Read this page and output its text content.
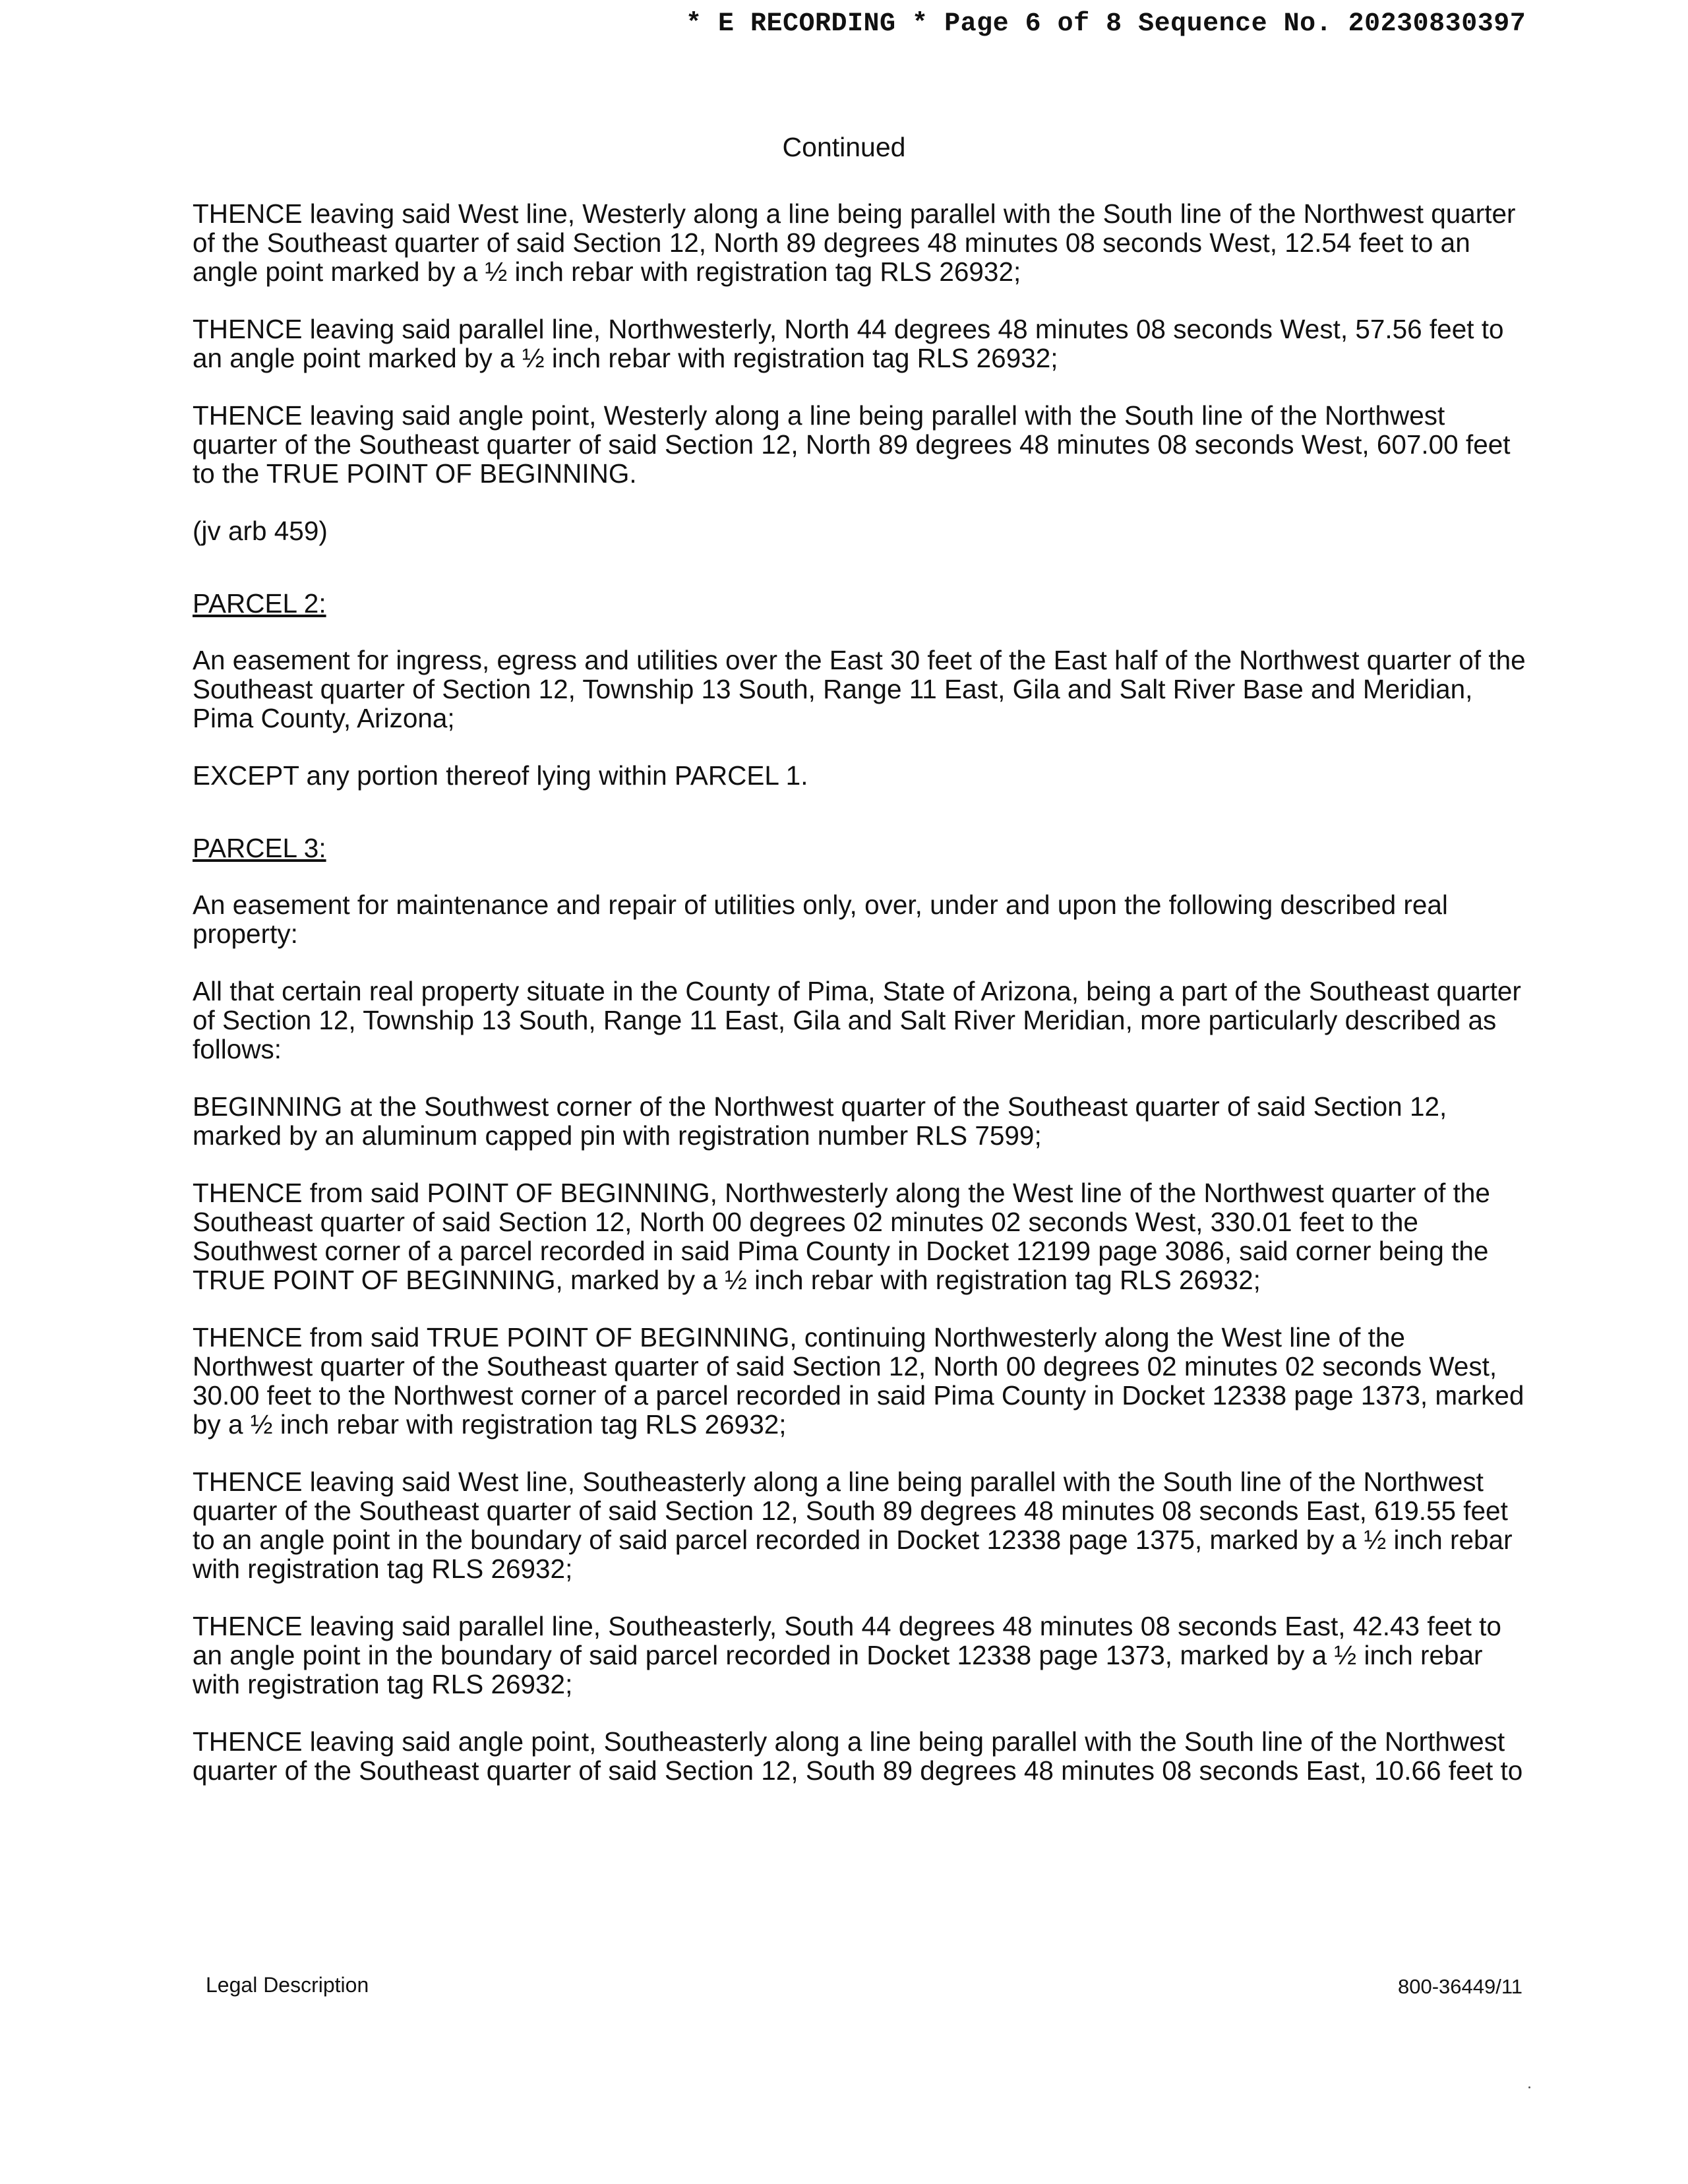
* E RECORDING * Page 6 of 8 Sequence No. 20230830397
Continued

THENCE leaving said West line, Westerly along a line being parallel with the South line of the Northwest quarter of the Southeast quarter of said Section 12, North 89 degrees 48 minutes 08 seconds West, 12.54 feet to an angle point marked by a ½ inch rebar with registration tag RLS 26932;

THENCE leaving said parallel line, Northwesterly, North 44 degrees 48 minutes 08 seconds West, 57.56 feet to an angle point marked by a ½ inch rebar with registration tag RLS 26932;

THENCE leaving said angle point, Westerly along a line being parallel with the South line of the Northwest quarter of the Southeast quarter of said Section 12, North 89 degrees 48 minutes 08 seconds West, 607.00 feet to the TRUE POINT OF BEGINNING.

(jv arb 459)

PARCEL 2:

An easement for ingress, egress and utilities over the East 30 feet of the East half of the Northwest quarter of the Southeast quarter of Section 12, Township 13 South, Range 11 East, Gila and Salt River Base and Meridian, Pima County, Arizona;

EXCEPT any portion thereof lying within PARCEL 1.

PARCEL 3:

An easement for maintenance and repair of utilities only, over, under and upon the following described real property:

All that certain real property situate in the County of Pima, State of Arizona, being a part of the Southeast quarter of Section 12, Township 13 South, Range 11 East, Gila and Salt River Meridian, more particularly described as follows:

BEGINNING at the Southwest corner of the Northwest quarter of the Southeast quarter of said Section 12, marked by an aluminum capped pin with registration number RLS 7599;

THENCE from said POINT OF BEGINNING, Northwesterly along the West line of the Northwest quarter of the Southeast quarter of said Section 12, North 00 degrees 02 minutes 02 seconds West, 330.01 feet to the Southwest corner of a parcel recorded in said Pima County in Docket 12199 page 3086, said corner being the TRUE POINT OF BEGINNING, marked by a ½ inch rebar with registration tag RLS 26932;

THENCE from said TRUE POINT OF BEGINNING, continuing Northwesterly along the West line of the Northwest quarter of the Southeast quarter of said Section 12, North 00 degrees 02 minutes 02 seconds West, 30.00 feet to the Northwest corner of a parcel recorded in said Pima County in Docket 12338 page 1373, marked by a ½ inch rebar with registration tag RLS 26932;

THENCE leaving said West line, Southeasterly along a line being parallel with the South line of the Northwest quarter of the Southeast quarter of said Section 12, South 89 degrees 48 minutes 08 seconds East, 619.55 feet to an angle point in the boundary of said parcel recorded in Docket 12338 page 1375, marked by a ½ inch rebar with registration tag RLS 26932;

THENCE leaving said parallel line, Southeasterly, South 44 degrees 48 minutes 08 seconds East, 42.43 feet to an angle point in the boundary of said parcel recorded in Docket 12338 page 1373, marked by a ½ inch rebar with registration tag RLS 26932;

THENCE leaving said angle point, Southeasterly along a line being parallel with the South line of the Northwest quarter of the Southeast quarter of said Section 12, South 89 degrees 48 minutes 08 seconds East, 10.66 feet to

Legal Description	800-36449/11
